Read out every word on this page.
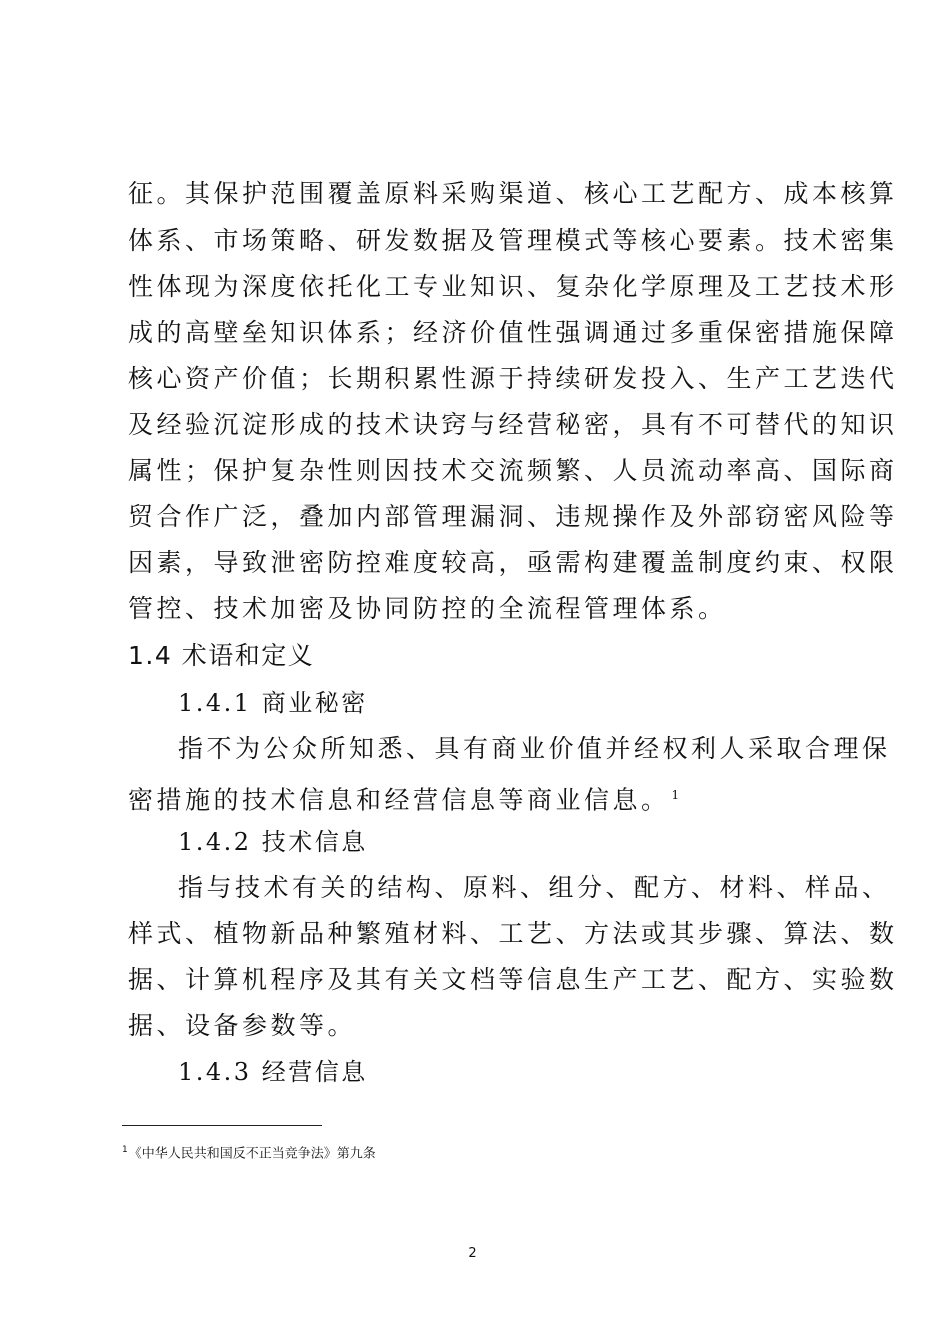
征。其保护范围覆盖原料采购渠道、核心工艺配方、成本核算
体系、市场策略、研发数据及管理模式等核心要素。技术密集
性体现为深度依托化工专业知识、复杂化学原理及工艺技术形
成的高壁垒知识体系；经济价值性强调通过多重保密措施保障
核心资产价值；长期积累性源于持续研发投入、生产工艺迭代
及经验沉淀形成的技术诀窍与经营秘密，具有不可替代的知识
属性；保护复杂性则因技术交流频繁、人员流动率高、国际商
贸合作广泛，叠加内部管理漏洞、违规操作及外部窃密风险等
因素，导致泄密防控难度较高，亟需构建覆盖制度约束、权限
管控、技术加密及协同防控的全流程管理体系。
1.4 术语和定义
1.4.1 商业秘密
指不为公众所知悉、具有商业价值并经权利人采取合理保
密措施的技术信息和经营信息等商业信息。 $^1$
1.4.2 技术信息
指与技术有关的结构、原料、组分、配方、材料、样品、
样式、植物新品种繁殖材料、工艺、方法或其步骤、算法、数
据、计算机程序及其有关文档等信息生产工艺、配方、实验数
据、设备参数等。
1.4.3 经营信息
$^1$《中华人民共和国反不正当竞争法》第九条
2
